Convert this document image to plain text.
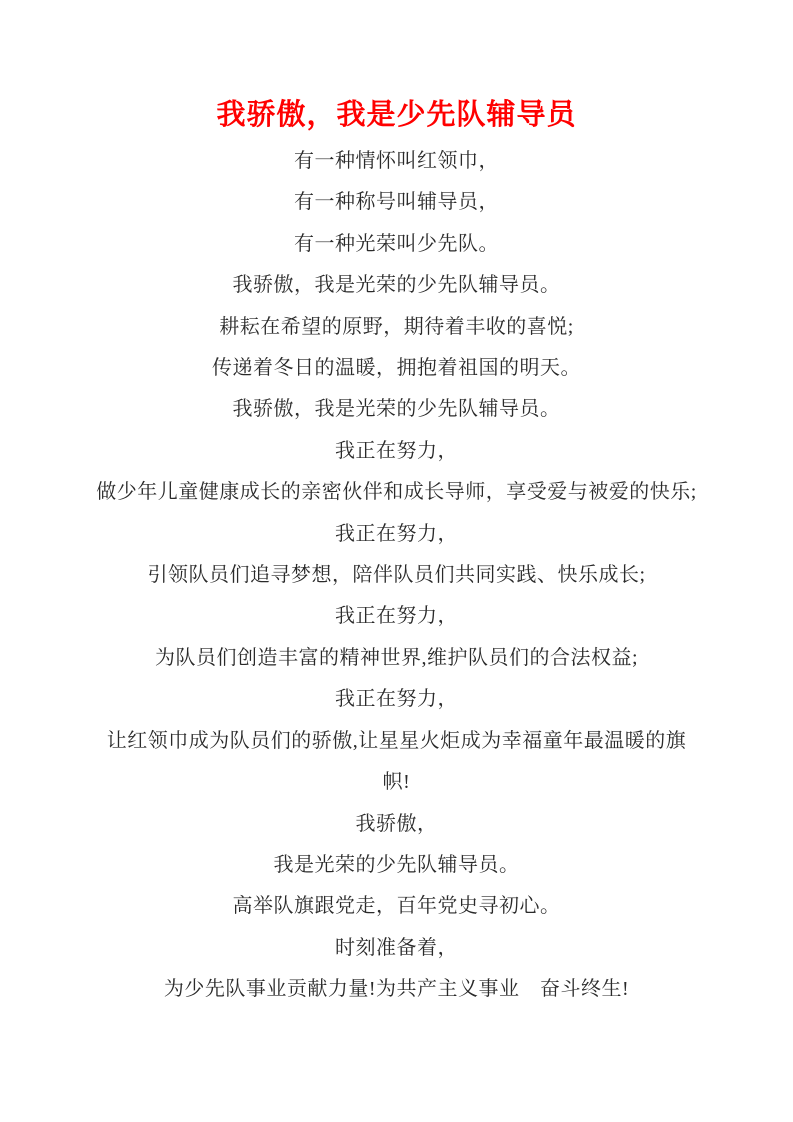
我骄傲，我是少先队辅导员
有一种情怀叫红领巾，
有一种称号叫辅导员，
有一种光荣叫少先队。
我骄傲，我是光荣的少先队辅导员。
耕耘在希望的原野，期待着丰收的喜悦;
传递着冬日的温暖，拥抱着祖国的明天。
我骄傲，我是光荣的少先队辅导员。
我正在努力，
做少年儿童健康成长的亲密伙伴和成长导师，享受爱与被爱的快乐;
我正在努力，
引领队员们追寻梦想，陪伴队员们共同实践、快乐成长;
我正在努力，
为队员们创造丰富的精神世界,维护队员们的合法权益;
我正在努力，
让红领巾成为队员们的骄傲,让星星火炬成为幸福童年最温暖的旗
帜!
我骄傲，
我是光荣的少先队辅导员。
高举队旗跟党走，百年党史寻初心。
时刻准备着，
为少先队事业贡献力量!为共产主义事业　奋斗终生!
